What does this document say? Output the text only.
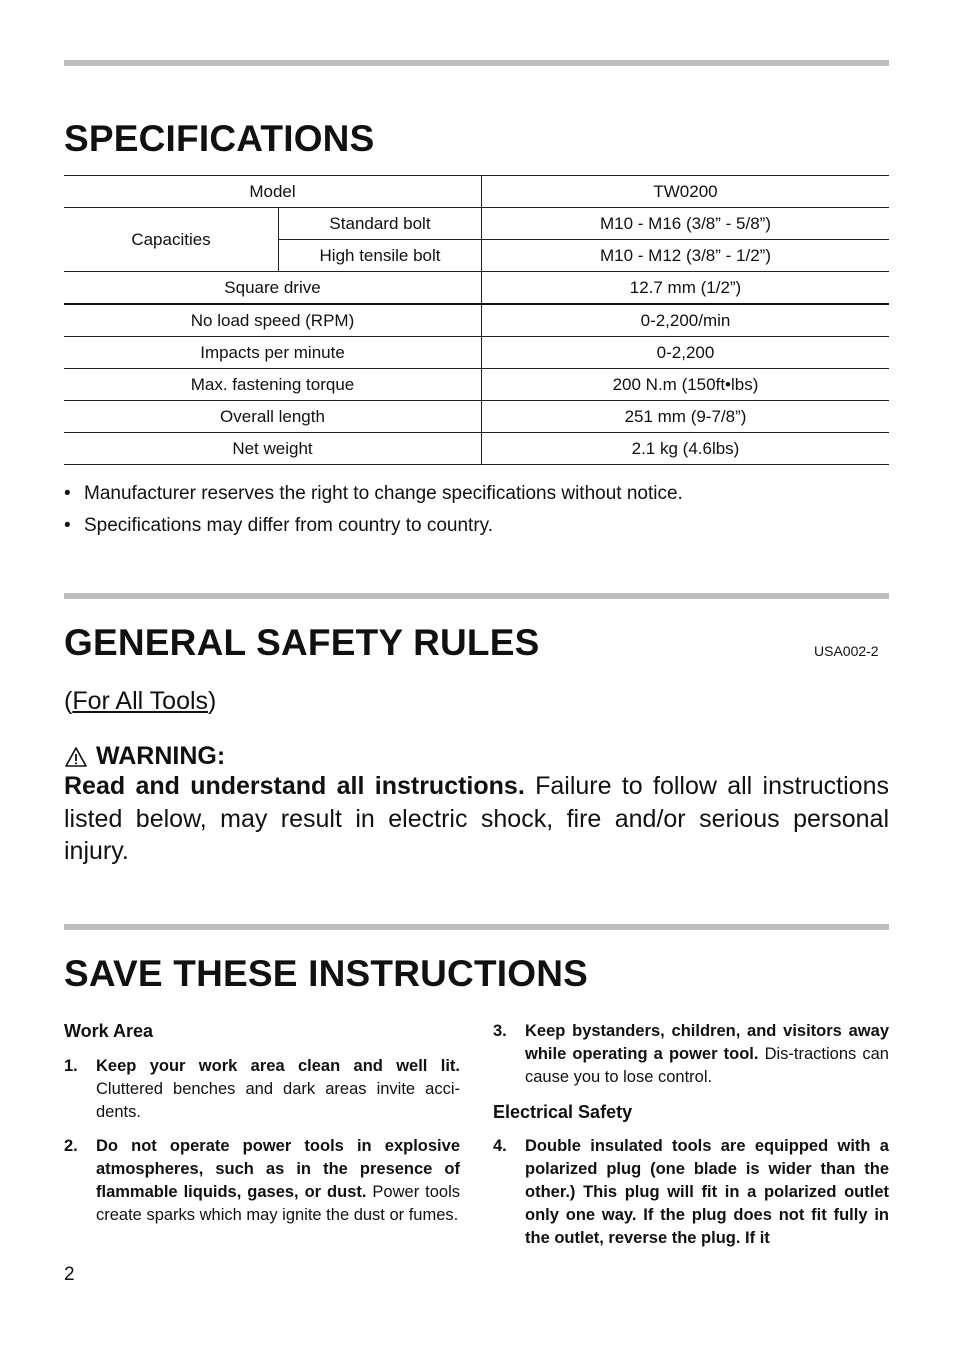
SPECIFICATIONS
Model		TW0200
Capacities	Standard bolt	M10 - M16 (3/8” - 5/8”)
	High tensile bolt	M10 - M12 (3/8” - 1/2”)
Square drive		12.7 mm (1/2”)
No load speed (RPM)		0-2,200/min
Impacts per minute		0-2,200
Max. fastening torque		200 N.m (150ft•lbs)
Overall length		251 mm (9-7/8”)
Net weight		2.1 kg (4.6lbs)
• Manufacturer reserves the right to change specifications without notice.
• Specifications may differ from country to country.
GENERAL SAFETY RULES	USA002-2
(For All Tools)
WARNING:

Read and understand all instructions. Failure to follow all instructions listed below, may result in electric shock, fire and/or serious personal injury.

SAVE THESE INSTRUCTIONS

Work Area

1.	Keep your work area clean and well lit. Cluttered benches and dark areas invite acci-dents.
2.	Do not operate power tools in explosive atmospheres, such as in the presence of flammable liquids, gases, or dust. Power tools create sparks which may ignite the dust or fumes.
3.	Keep bystanders, children, and visitors away while operating a power tool. Dis-tractions can cause you to lose control.

Electrical Safety

4.	Double insulated tools are equipped with a polarized plug (one blade is wider than the other.) This plug will fit in a polarized outlet only one way. If the plug does not fit fully in the outlet, reverse the plug. If it
2
